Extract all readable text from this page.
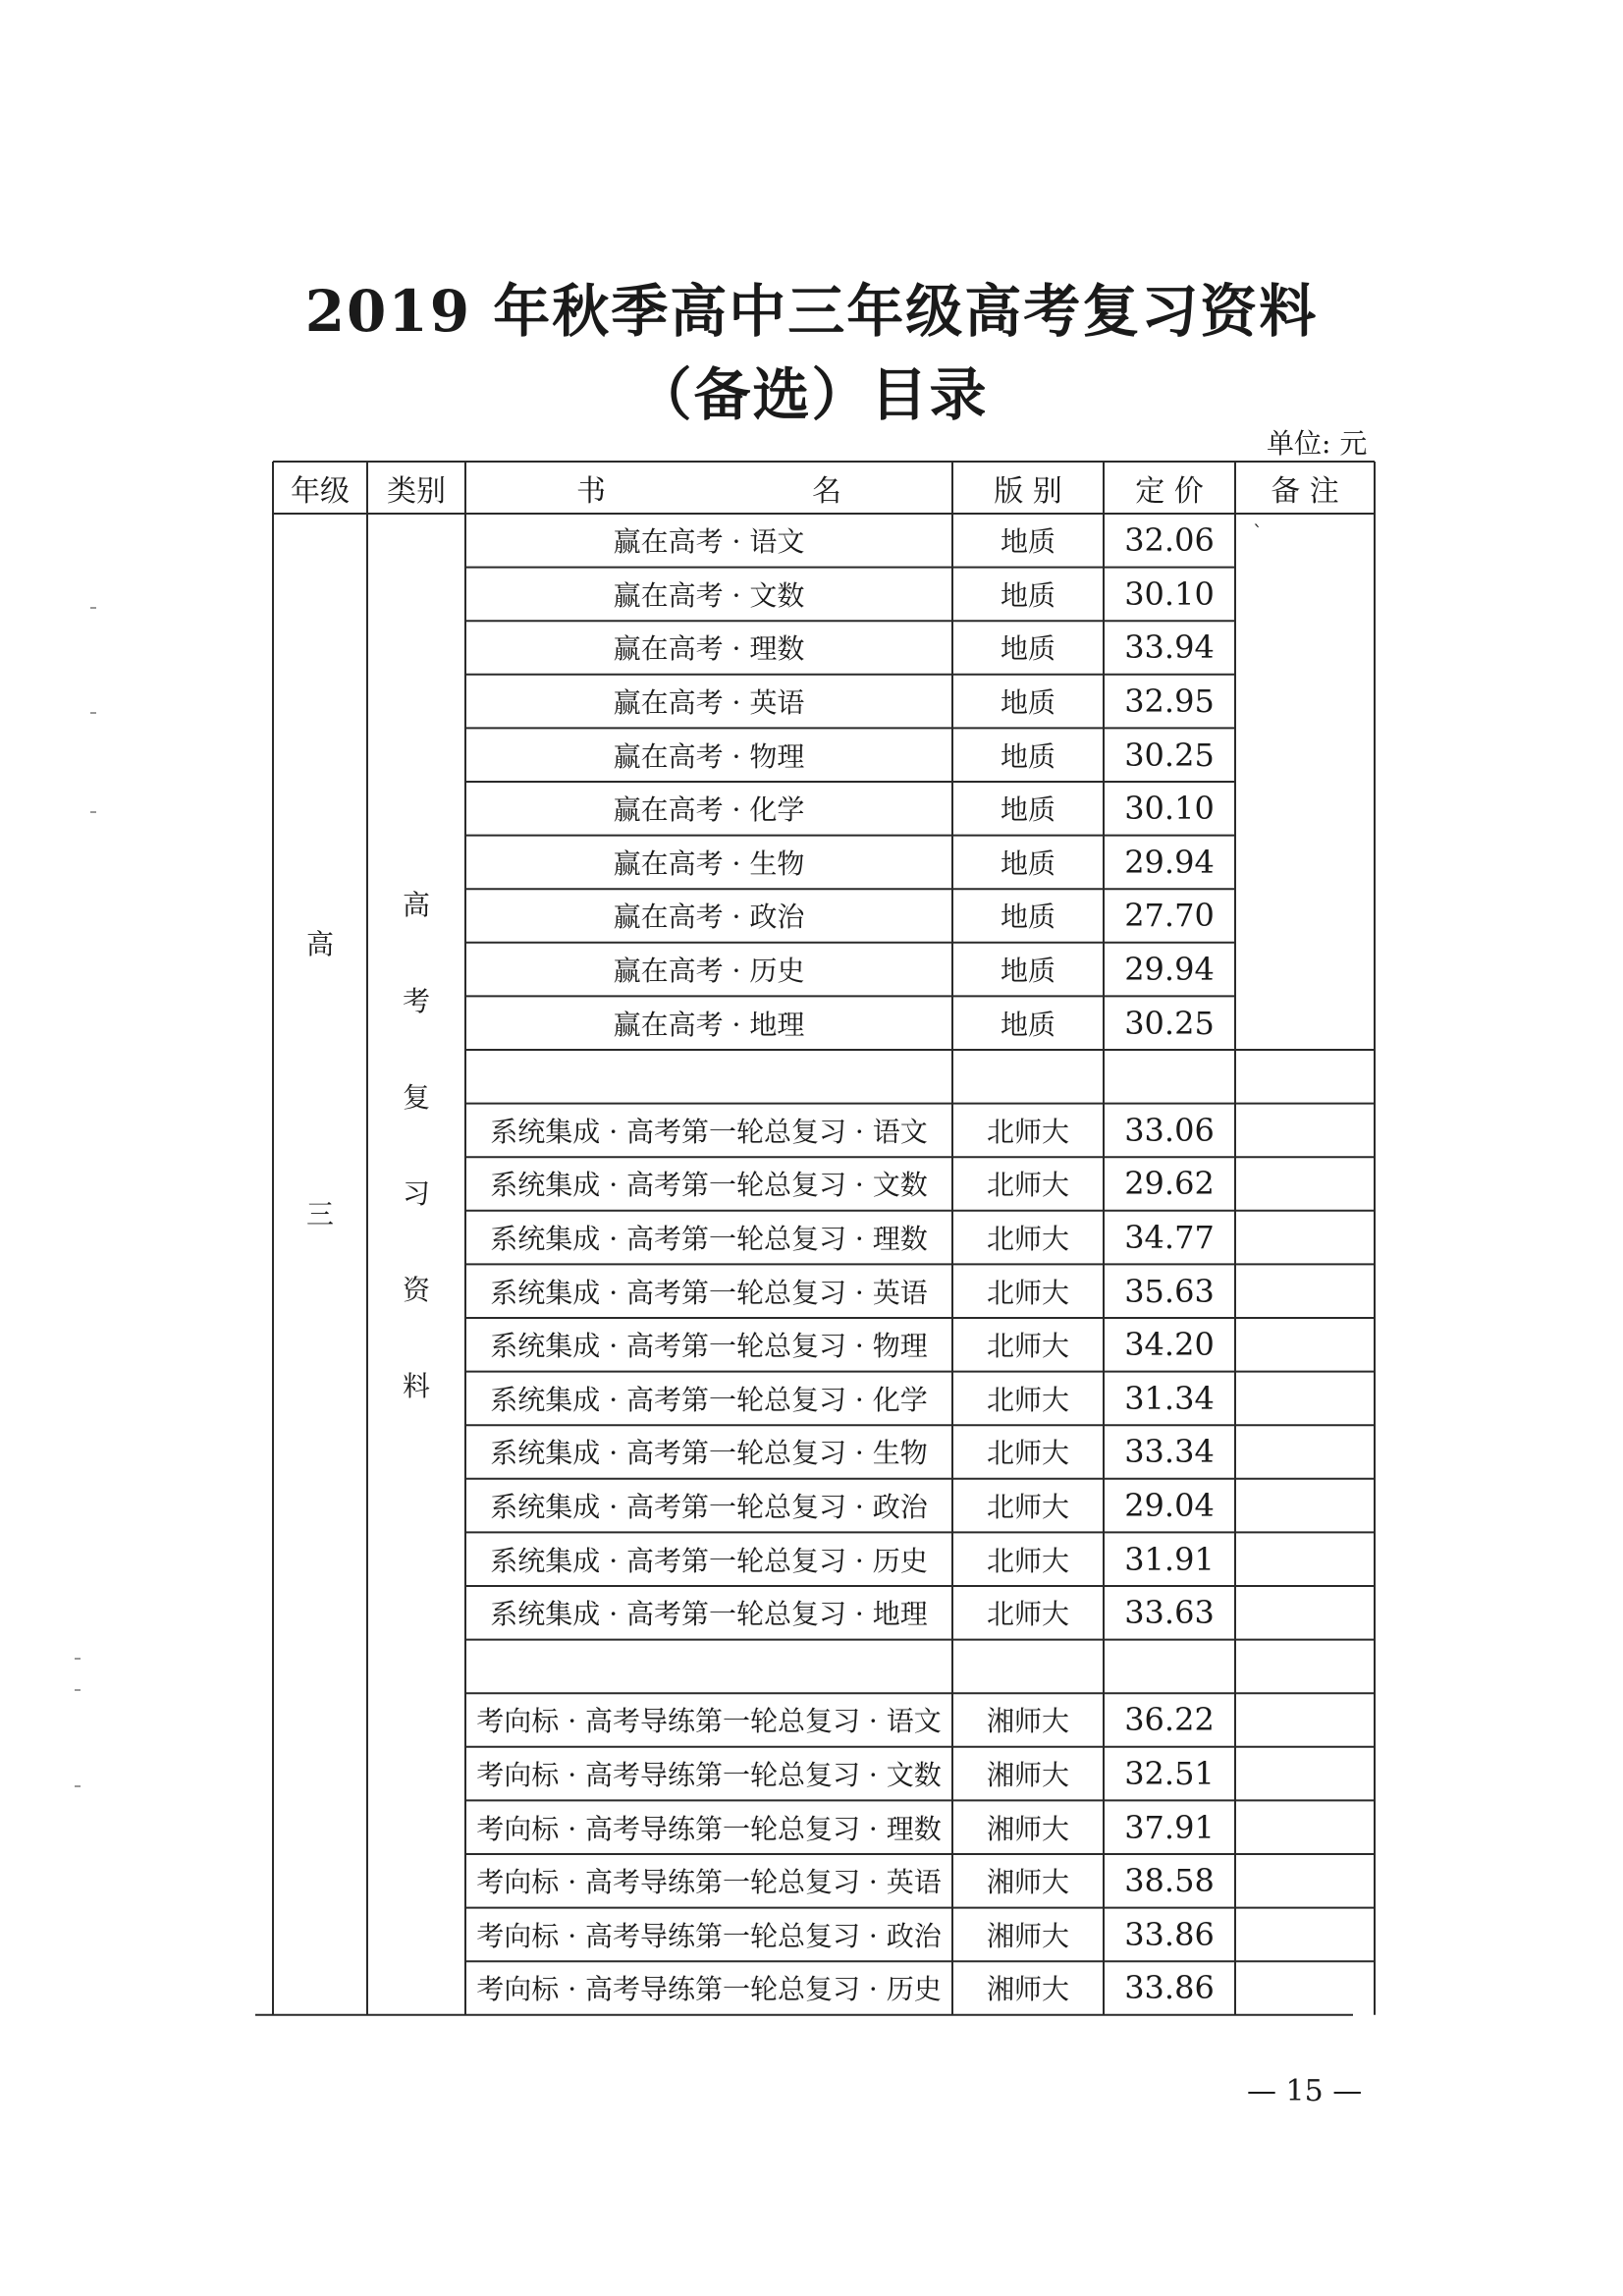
2019 年秋季高中三年级高考复习资料
（备选）目录
单位: 元
ˋ
年级	类别	书　　　　　　　名	版 别	定 价	备 注
高
三
高
考
复
习
资
料
赢在高考 · 语文	地质	32.06
赢在高考 · 文数	地质	30.10
赢在高考 · 理数	地质	33.94
赢在高考 · 英语	地质	32.95
赢在高考 · 物理	地质	30.25
赢在高考 · 化学	地质	30.10
赢在高考 · 生物	地质	29.94
赢在高考 · 政治	地质	27.70
赢在高考 · 历史	地质	29.94
赢在高考 · 地理	地质	30.25
系统集成 · 高考第一轮总复习 · 语文	北师大	33.06
系统集成 · 高考第一轮总复习 · 文数	北师大	29.62
系统集成 · 高考第一轮总复习 · 理数	北师大	34.77
系统集成 · 高考第一轮总复习 · 英语	北师大	35.63
系统集成 · 高考第一轮总复习 · 物理	北师大	34.20
系统集成 · 高考第一轮总复习 · 化学	北师大	31.34
系统集成 · 高考第一轮总复习 · 生物	北师大	33.34
系统集成 · 高考第一轮总复习 · 政治	北师大	29.04
系统集成 · 高考第一轮总复习 · 历史	北师大	31.91
系统集成 · 高考第一轮总复习 · 地理	北师大	33.63
考向标 · 高考导练第一轮总复习 · 语文	湘师大	36.22
考向标 · 高考导练第一轮总复习 · 文数	湘师大	32.51
考向标 · 高考导练第一轮总复习 · 理数	湘师大	37.91
考向标 · 高考导练第一轮总复习 · 英语	湘师大	38.58
考向标 · 高考导练第一轮总复习 · 政治	湘师大	33.86
考向标 · 高考导练第一轮总复习 · 历史	湘师大	33.86
— 15 —
